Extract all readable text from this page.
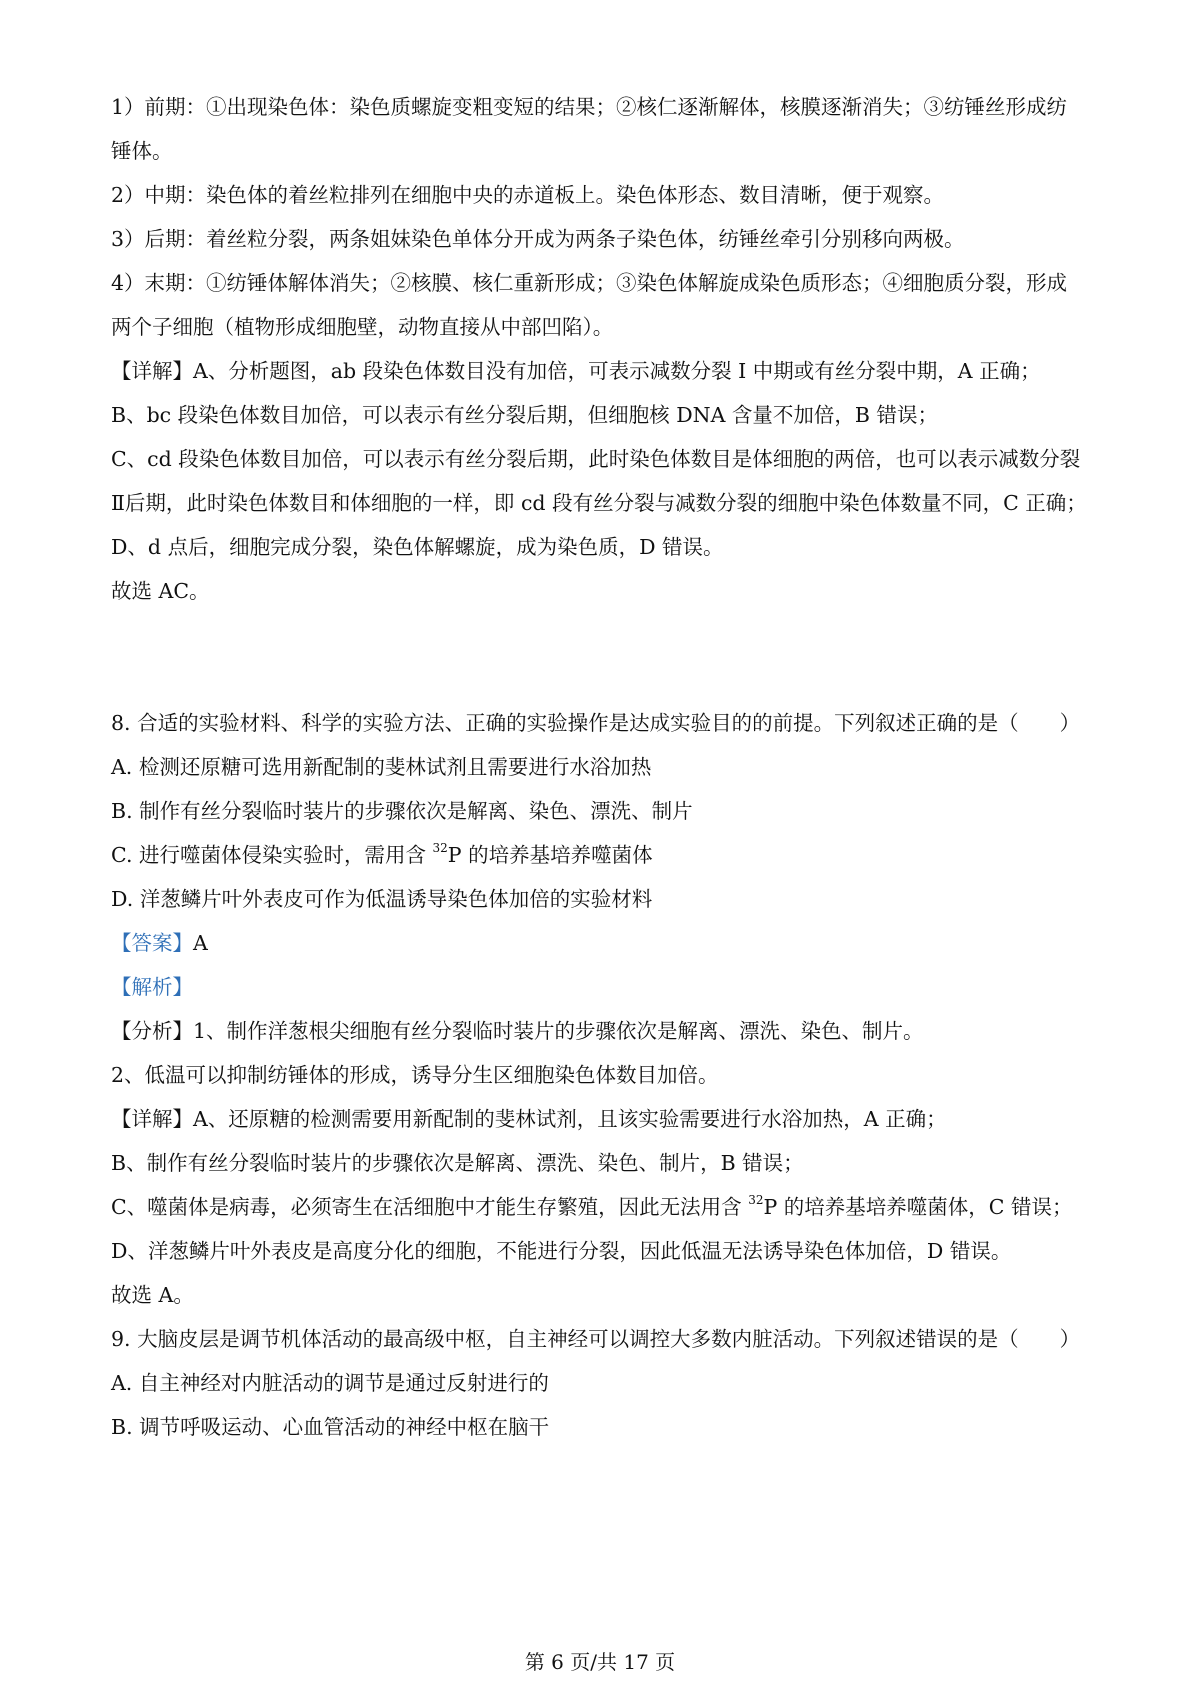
1）前期：①出现染色体：染色质螺旋变粗变短的结果；②核仁逐渐解体，核膜逐渐消失；③纺锤丝形成纺
锤体。
2）中期：染色体的着丝粒排列在细胞中央的赤道板上。染色体形态、数目清晰，便于观察。
3）后期：着丝粒分裂，两条姐妹染色单体分开成为两条子染色体，纺锤丝牵引分别移向两极。
4）末期：①纺锤体解体消失；②核膜、核仁重新形成；③染色体解旋成染色质形态；④细胞质分裂，形成
两个子细胞（植物形成细胞壁，动物直接从中部凹陷）。
【详解】A、分析题图，ab 段染色体数目没有加倍，可表示减数分裂 I 中期或有丝分裂中期，A 正确；
B、bc 段染色体数目加倍，可以表示有丝分裂后期，但细胞核 DNA 含量不加倍，B 错误；
C、cd 段染色体数目加倍，可以表示有丝分裂后期，此时染色体数目是体细胞的两倍，也可以表示减数分裂
Ⅱ后期，此时染色体数目和体细胞的一样，即 cd 段有丝分裂与减数分裂的细胞中染色体数量不同，C 正确；
D、d 点后，细胞完成分裂，染色体解螺旋，成为染色质，D 错误。
故选 AC。
8. 合适的实验材料、科学的实验方法、正确的实验操作是达成实验目的的前提。下列叙述正确的是（　　）
A. 检测还原糖可选用新配制的斐林试剂且需要进行水浴加热
B. 制作有丝分裂临时装片的步骤依次是解离、染色、漂洗、制片
C. 进行噬菌体侵染实验时，需用含 $^{32}$P 的培养基培养噬菌体
D. 洋葱鳞片叶外表皮可作为低温诱导染色体加倍的实验材料
【答案】A
【解析】
【分析】1、制作洋葱根尖细胞有丝分裂临时装片的步骤依次是解离、漂洗、染色、制片。
2、低温可以抑制纺锤体的形成，诱导分生区细胞染色体数目加倍。
【详解】A、还原糖的检测需要用新配制的斐林试剂，且该实验需要进行水浴加热，A 正确；
B、制作有丝分裂临时装片的步骤依次是解离、漂洗、染色、制片，B 错误；
C、噬菌体是病毒，必须寄生在活细胞中才能生存繁殖，因此无法用含 $^{32}$P 的培养基培养噬菌体，C 错误；
D、洋葱鳞片叶外表皮是高度分化的细胞，不能进行分裂，因此低温无法诱导染色体加倍，D 错误。
故选 A。
9. 大脑皮层是调节机体活动的最高级中枢，自主神经可以调控大多数内脏活动。下列叙述错误的是（　　）
A. 自主神经对内脏活动的调节是通过反射进行的
B. 调节呼吸运动、心血管活动的神经中枢在脑干
第 6 页/共 17 页
